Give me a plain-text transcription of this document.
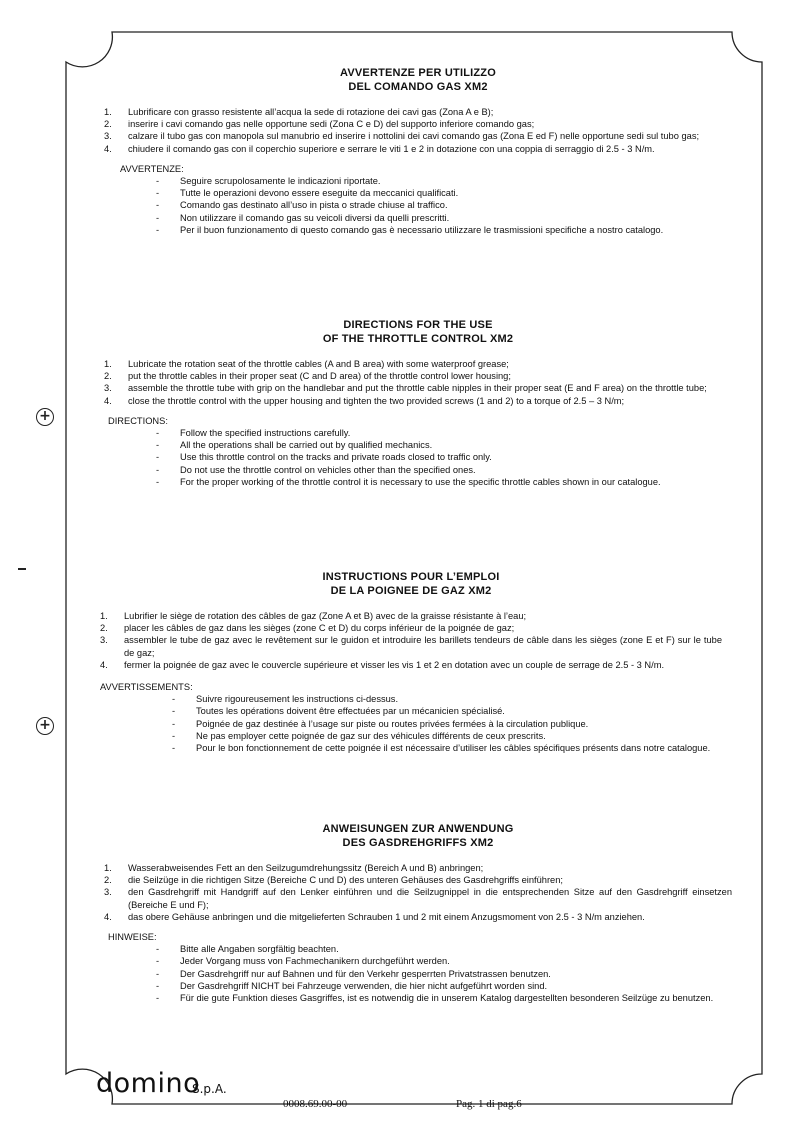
+
+
AVVERTENZE PER UTILIZZO
DEL COMANDO GAS XM2
1.	Lubrificare con grasso resistente all’acqua la sede di rotazione dei cavi gas (Zona A e B);
2.	inserire i cavi comando gas nelle opportune sedi (Zona C e D) del supporto inferiore comando gas;
3.	calzare il tubo gas con manopola sul manubrio ed inserire i nottolini dei cavi comando gas (Zona E ed F) nelle opportune sedi sul tubo gas;
4.	chiudere il comando gas con il coperchio superiore e serrare le viti 1 e 2 in dotazione con una coppia di serraggio di 2.5 - 3 N/m.
AVVERTENZE:
-	Seguire scrupolosamente le indicazioni riportate.
-	Tutte le operazioni devono essere eseguite da meccanici qualificati.
-	Comando gas destinato all’uso in pista o strade chiuse al traffico.
-	Non utilizzare il comando gas su veicoli diversi da quelli prescritti.
-	Per il buon funzionamento di questo comando gas è necessario utilizzare le trasmissioni specifiche a nostro catalogo.
DIRECTIONS FOR THE USE
OF THE THROTTLE CONTROL XM2
1.	Lubricate the rotation seat of the throttle cables (A and B area) with some waterproof grease;
2.	put the throttle cables in their proper seat (C and D area) of the throttle control lower housing;
3.	assemble the throttle tube with grip on the handlebar and put the throttle cable nipples in their proper seat (E and F area) on the throttle tube;
4.	close the throttle control with the upper housing and tighten the two provided screws (1 and 2) to a torque of 2.5 – 3 N/m;
DIRECTIONS:
-	Follow the specified instructions carefully.
-	All the operations shall be carried out by qualified mechanics.
-	Use this throttle control on the tracks and private roads closed to traffic only.
-	Do not use the throttle control on vehicles other than the specified ones.
-	For the proper working of the throttle control it is necessary to use the specific throttle cables shown in our catalogue.
INSTRUCTIONS POUR L’EMPLOI
DE LA POIGNEE DE GAZ XM2
1.	Lubrifier le siège de rotation des câbles de gaz (Zone A et B) avec de la graisse résistante à l’eau;
2.	placer les câbles de gaz dans les sièges (zone C et D) du corps inférieur de la poignée de gaz;
3.	assembler le tube de gaz avec le revêtement sur le guidon et introduire les barillets tendeurs de câble dans les sièges (zone E et F) sur le tube de gaz;
4.	fermer la poignée de gaz avec le couvercle supérieure et visser les vis 1 et 2 en dotation avec un couple de serrage de 2.5 - 3 N/m.
AVVERTISSEMENTS:
-	Suivre rigoureusement les instructions ci-dessus.
-	Toutes les opérations doivent être effectuées par un mécanicien spécialisé.
-	Poignée de gaz destinée à l’usage sur piste ou routes privées fermées à la circulation publique.
-	Ne pas employer cette poignée de gaz sur des véhicules différents de ceux prescrits.
-	Pour le bon fonctionnement de cette poignée il est nécessaire d’utiliser les câbles spécifiques présents dans notre catalogue.
ANWEISUNGEN ZUR ANWENDUNG
DES GASDREHGRIFFS XM2
1.	Wasserabweisendes Fett an den Seilzugumdrehungssitz (Bereich A und B) anbringen;
2.	die Seilzüge in die richtigen Sitze (Bereiche C und D) des unteren Gehäuses des Gasdrehgriffs einführen;
3.	den Gasdrehgriff mit Handgriff auf den Lenker einführen und die Seilzugnippel in die entsprechenden Sitze auf den Gasdrehgriff einsetzen (Bereiche E und F);
4.	das obere Gehäuse anbringen und die mitgelieferten Schrauben 1 und 2 mit einem Anzugsmoment von 2.5 - 3 N/m anziehen.
HINWEISE:
-	Bitte alle Angaben sorgfältig beachten.
-	Jeder Vorgang muss von Fachmechanikern durchgeführt werden.
-	Der Gasdrehgriff nur auf Bahnen und für den Verkehr gesperrten Privatstrassen benutzen.
-	Der Gasdrehgriff NICHT bei Fahrzeuge verwenden, die hier nicht aufgeführt worden sind.
-	Für die gute Funktion dieses Gasgriffes, ist es notwendig die in unserem Katalog dargestellten besonderen Seilzüge zu benutzen.
domino
S.p.A.
0008.69.00-00	Pag. 1 di pag.6
